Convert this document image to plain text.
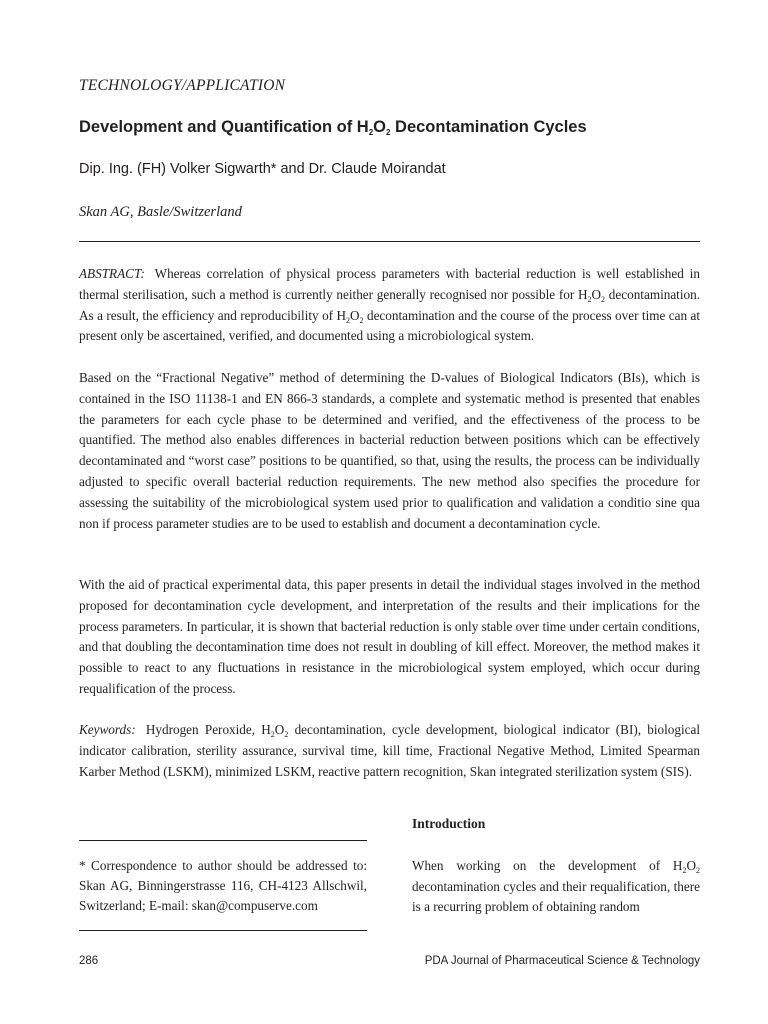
TECHNOLOGY/APPLICATION
Development and Quantification of $H_2O_2$ Decontamination Cycles
Dip. Ing. (FH) Volker Sigwarth* and Dr. Claude Moirandat
Skan AG, Basle/Switzerland
ABSTRACT: Whereas correlation of physical process parameters with bacterial reduction is well established in thermal sterilisation, such a method is currently neither generally recognised nor possible for $H_2O_2$ decontamination. As a result, the efficiency and reproducibility of $H_2O_2$ decontamination and the course of the process over time can at present only be ascertained, verified, and documented using a microbiological system.
Based on the “Fractional Negative” method of determining the D-values of Biological Indicators (BIs), which is contained in the ISO 11138-1 and EN 866-3 standards, a complete and systematic method is presented that enables the parameters for each cycle phase to be determined and verified, and the effectiveness of the process to be quantified. The method also enables differences in bacterial reduction between positions which can be effectively decontaminated and “worst case” positions to be quantified, so that, using the results, the process can be individually adjusted to specific overall bacterial reduction requirements. The new method also specifies the procedure for assessing the suitability of the microbiological system used prior to qualification and validation a conditio sine qua non if process parameter studies are to be used to establish and document a decontamination cycle.
With the aid of practical experimental data, this paper presents in detail the individual stages involved in the method proposed for decontamination cycle development, and interpretation of the results and their implications for the process parameters. In particular, it is shown that bacterial reduction is only stable over time under certain conditions, and that doubling the decontamination time does not result in doubling of kill effect. Moreover, the method makes it possible to react to any fluctuations in resistance in the microbiological system employed, which occur during requalification of the process.
Keywords: Hydrogen Peroxide, $H_2O_2$ decontamination, cycle development, biological indicator (BI), biological indicator calibration, sterility assurance, survival time, kill time, Fractional Negative Method, Limited Spearman Karber Method (LSKM), minimized LSKM, reactive pattern recognition, Skan integrated sterilization system (SIS).
* Correspondence to author should be addressed to: Skan AG, Binningerstrasse 116, CH-4123 Allschwil, Switzerland; E-mail: skan@compuserve.com
Introduction
When working on the development of $H_2O_2$ decontamination cycles and their requalification, there is a recurring problem of obtaining random
286	PDA Journal of Pharmaceutical Science & Technology
